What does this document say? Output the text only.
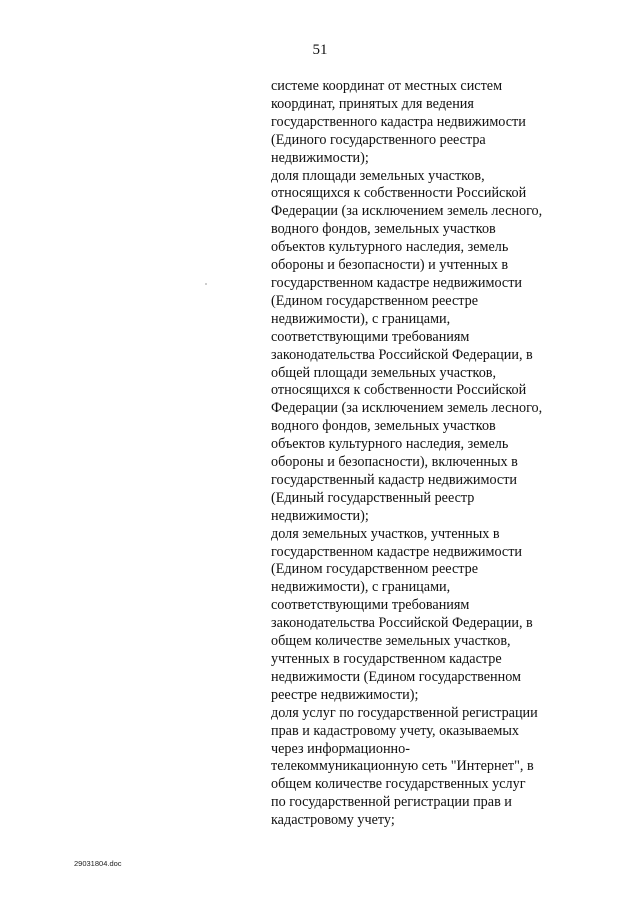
51
системе координат от местных систем
координат, принятых для ведения
государственного кадастра недвижимости
(Единого государственного реестра
недвижимости);
доля площади земельных участков,
относящихся к собственности Российской
Федерации (за исключением земель лесного,
водного фондов, земельных участков
объектов культурного наследия, земель
обороны и безопасности) и учтенных в
государственном кадастре недвижимости
(Едином государственном реестре
недвижимости), с границами,
соответствующими требованиям
законодательства Российской Федерации, в
общей площади земельных участков,
относящихся к собственности Российской
Федерации (за исключением земель лесного,
водного фондов, земельных участков
объектов культурного наследия, земель
обороны и безопасности), включенных в
государственный кадастр недвижимости
(Единый государственный реестр
недвижимости);
доля земельных участков, учтенных в
государственном кадастре недвижимости
(Едином государственном реестре
недвижимости), с границами,
соответствующими требованиям
законодательства Российской Федерации, в
общем количестве земельных участков,
учтенных в государственном кадастре
недвижимости (Едином государственном
реестре недвижимости);
доля услуг по государственной регистрации
прав и кадастровому учету, оказываемых
через информационно-
телекоммуникационную сеть "Интернет", в
общем количестве государственных услуг
по государственной регистрации прав и
кадастровому учету;
29031804.doc
